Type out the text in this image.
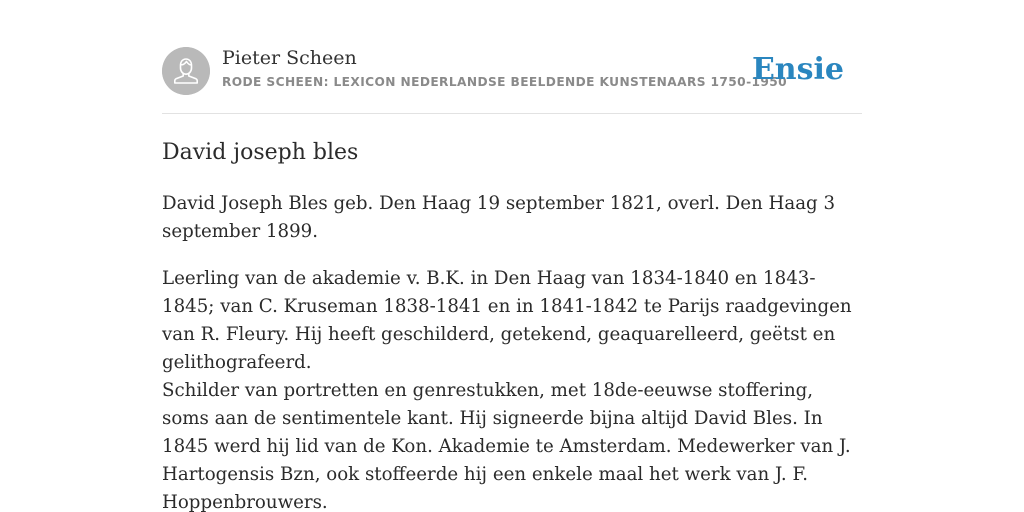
Pieter Scheen
RODE SCHEEN: LEXICON NEDERLANDSE BEELDENDE KUNSTENAARS 1750-1950
Ensie
David joseph bles

David Joseph Bles geb. Den Haag 19 september 1821, overl. Den Haag 3 september 1899.

Leerling van de akademie v. B.K. in Den Haag van 1834-1840 en 1843-1845; van C. Kruseman 1838-1841 en in 1841-1842 te Parijs raadgevingen van R. Fleury. Hij heeft geschilderd, getekend, geaquarelleerd, geëtst en gelithografeerd.

Schilder van portretten en genrestukken, met 18de-eeuwse stoffering, soms aan de sentimentele kant. Hij signeerde bijna altijd David Bles. In 1845 werd hij lid van de Kon. Akademie te Amsterdam. Medewerker van J. Hartogensis Bzn, ook stoffeerde hij een enkele maal het werk van J. F. Hoppenbrouwers.
